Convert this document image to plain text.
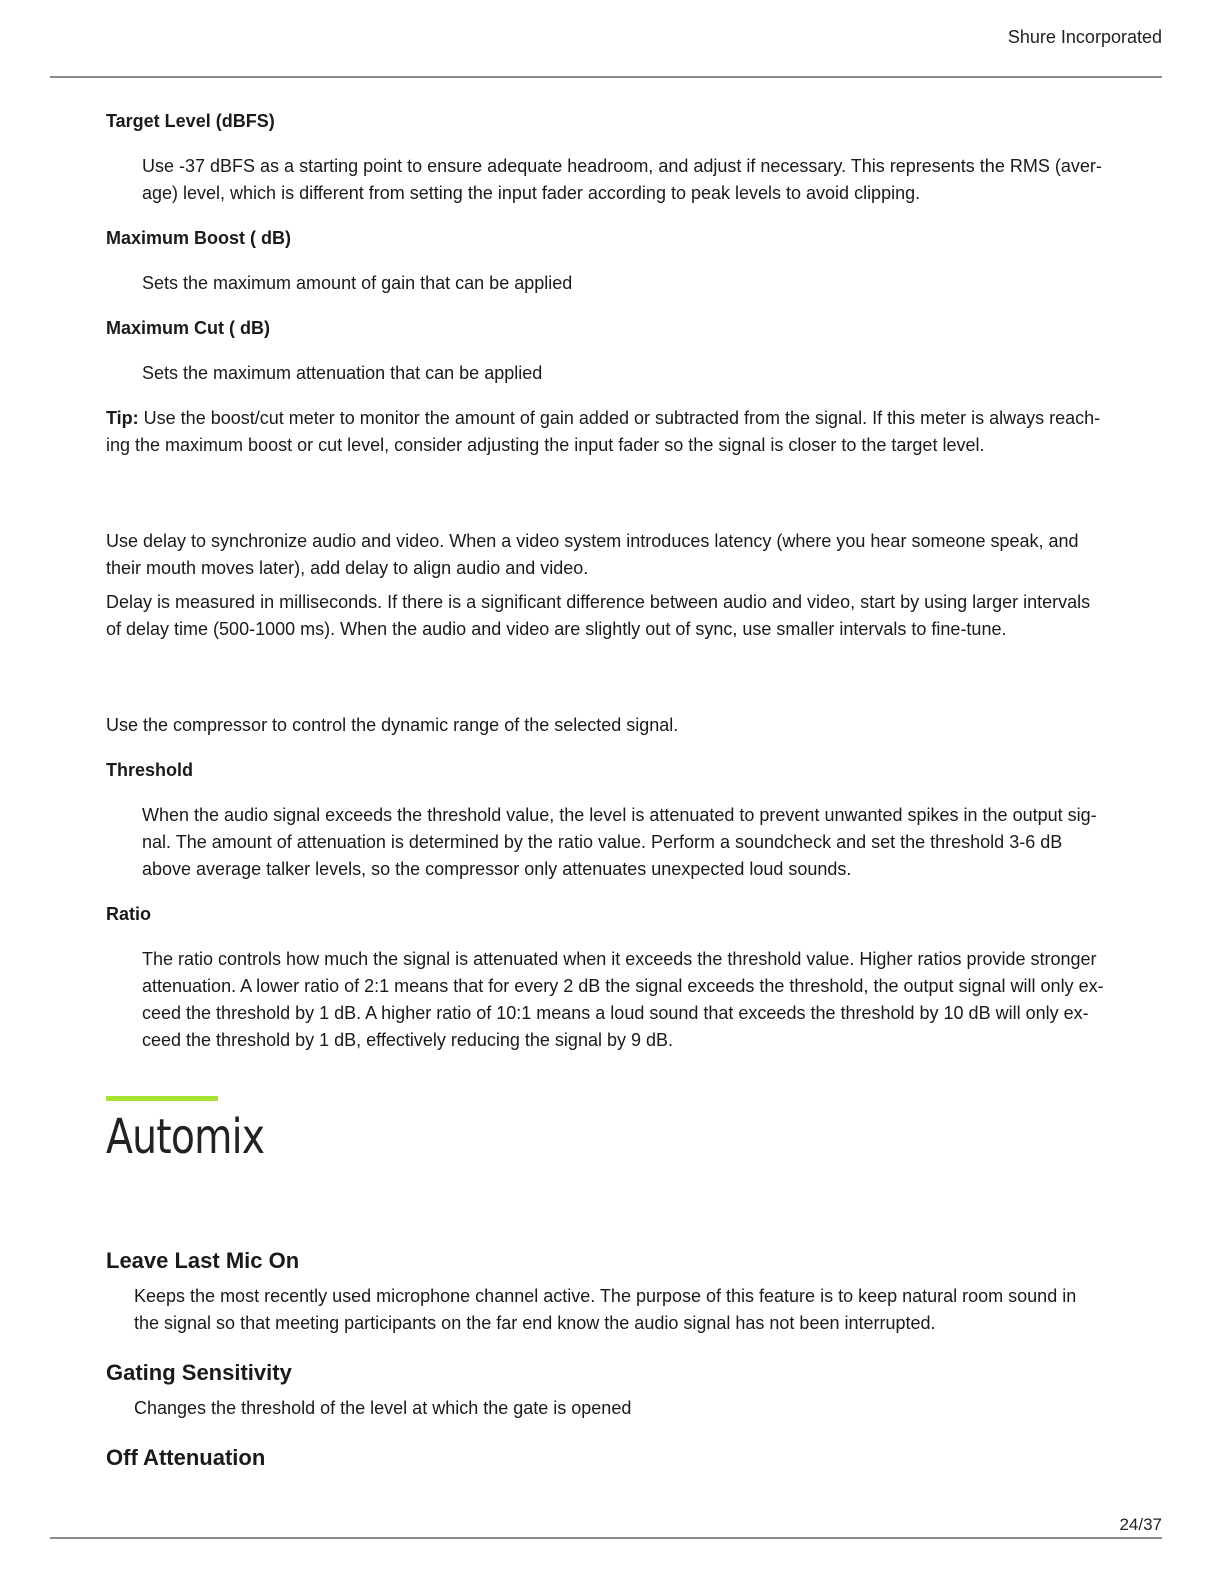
Shure Incorporated
Target Level (dBFS)
Use -37 dBFS as a starting point to ensure adequate headroom, and adjust if necessary. This represents the RMS (aver-age) level, which is different from setting the input fader according to peak levels to avoid clipping.
Maximum Boost ( dB)
Sets the maximum amount of gain that can be applied
Maximum Cut ( dB)
Sets the maximum attenuation that can be applied

Tip: Use the boost/cut meter to monitor the amount of gain added or subtracted from the signal. If this meter is always reach-ing the maximum boost or cut level, consider adjusting the input fader so the signal is closer to the target level.

Use delay to synchronize audio and video. When a video system introduces latency (where you hear someone speak, and their mouth moves later), add delay to align audio and video.

Delay is measured in milliseconds. If there is a significant difference between audio and video, start by using larger intervals of delay time (500-1000 ms). When the audio and video are slightly out of sync, use smaller intervals to fine-tune.

Use the compressor to control the dynamic range of the selected signal.

Threshold
When the audio signal exceeds the threshold value, the level is attenuated to prevent unwanted spikes in the output sig-nal. The amount of attenuation is determined by the ratio value. Perform a soundcheck and set the threshold 3-6 dB above average talker levels, so the compressor only attenuates unexpected loud sounds.
Ratio
The ratio controls how much the signal is attenuated when it exceeds the threshold value. Higher ratios provide stronger attenuation. A lower ratio of 2:1 means that for every 2 dB the signal exceeds the threshold, the output signal will only ex-ceed the threshold by 1 dB. A higher ratio of 10:1 means a loud sound that exceeds the threshold by 10 dB will only ex-ceed the threshold by 1 dB, effectively reducing the signal by 9 dB.
Automix
Leave Last Mic On

Keeps the most recently used microphone channel active. The purpose of this feature is to keep natural room sound in the signal so that meeting participants on the far end know the audio signal has not been interrupted.

Gating Sensitivity

Changes the threshold of the level at which the gate is opened

Off Attenuation
24/37
